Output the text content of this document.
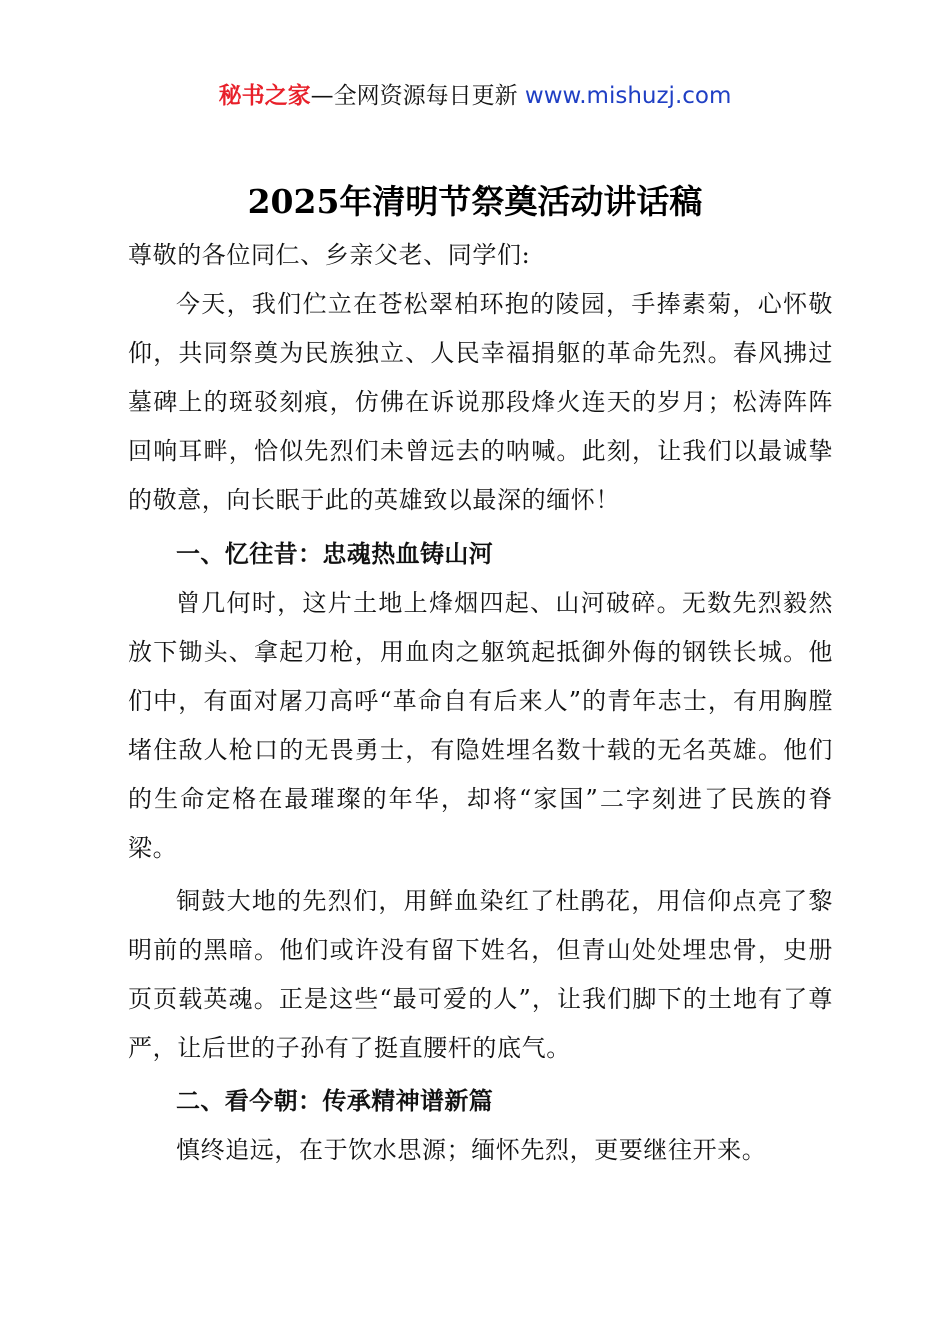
秘书之家—全网资源每日更新 www.mishuzj.com
2025年清明节祭奠活动讲话稿

尊敬的各位同仁、乡亲父老、同学们:

今天，我们伫立在苍松翠柏环抱的陵园，手捧素菊，心怀敬仰，共同祭奠为民族独立、人民幸福捐躯的革命先烈。春风拂过墓碑上的斑驳刻痕，仿佛在诉说那段烽火连天的岁月；松涛阵阵回响耳畔，恰似先烈们未曾远去的呐喊。此刻，让我们以最诚挚的敬意，向长眠于此的英雄致以最深的缅怀！

一、忆往昔：忠魂热血铸山河

曾几何时，这片土地上烽烟四起、山河破碎。无数先烈毅然放下锄头、拿起刀枪，用血肉之躯筑起抵御外侮的钢铁长城。他们中，有面对屠刀高呼“革命自有后来人”的青年志士，有用胸膛堵住敌人枪口的无畏勇士，有隐姓埋名数十载的无名英雄。他们的生命定格在最璀璨的年华，却将“家国”二字刻进了民族的脊梁。

铜鼓大地的先烈们，用鲜血染红了杜鹃花，用信仰点亮了黎明前的黑暗。他们或许没有留下姓名，但青山处处埋忠骨，史册页页载英魂。正是这些“最可爱的人”，让我们脚下的土地有了尊严，让后世的子孙有了挺直腰杆的底气。

二、看今朝：传承精神谱新篇

慎终追远，在于饮水思源；缅怀先烈，更要继往开来。
